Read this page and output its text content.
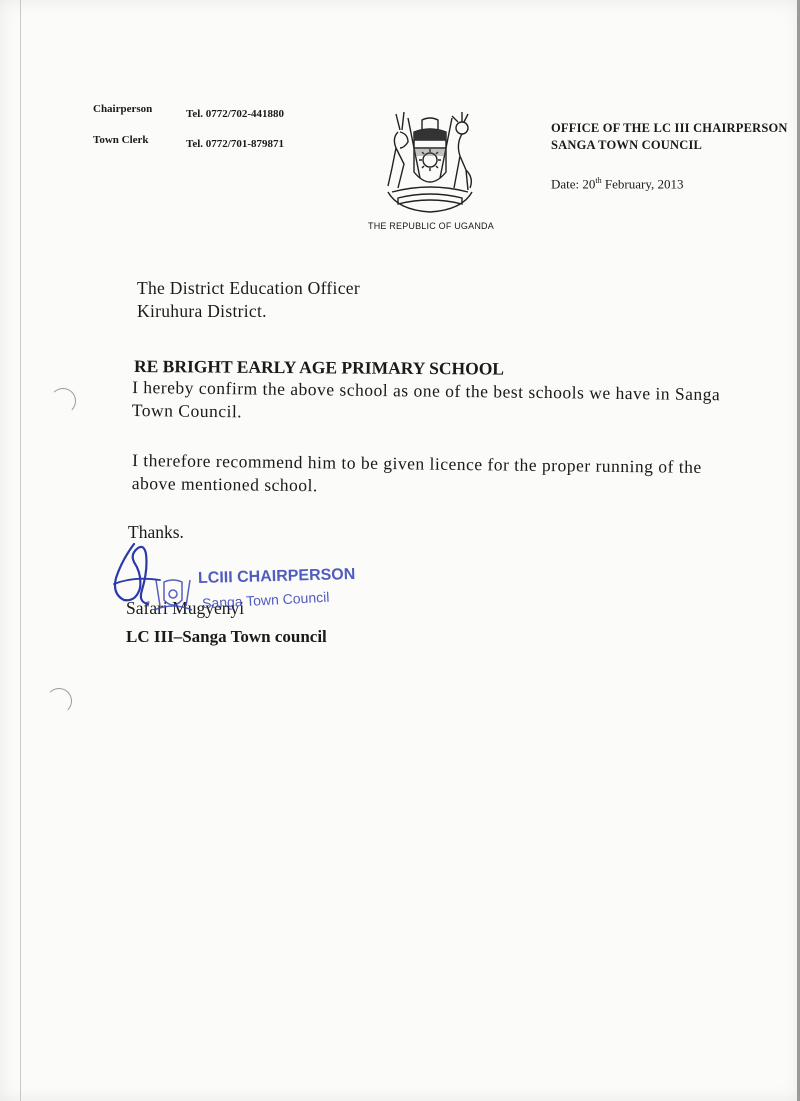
Chairperson	Tel. 0772/702-441880
Town Clerk	Tel. 0772/701-879871
THE REPUBLIC OF UGANDA
OFFICE OF THE LC III CHAIRPERSON
SANGA TOWN COUNCIL
Date: 20th February, 2013
The District Education Officer
Kiruhura District.
RE BRIGHT EARLY AGE PRIMARY SCHOOL
I hereby confirm the above school as one of the best schools we have in Sanga Town Council.
I therefore recommend him to be given licence for the proper running of the above mentioned school.
Thanks.
Safari Mugyenyi
LC III–Sanga Town council
LCIII CHAIRPERSON
Sanga Town Council
